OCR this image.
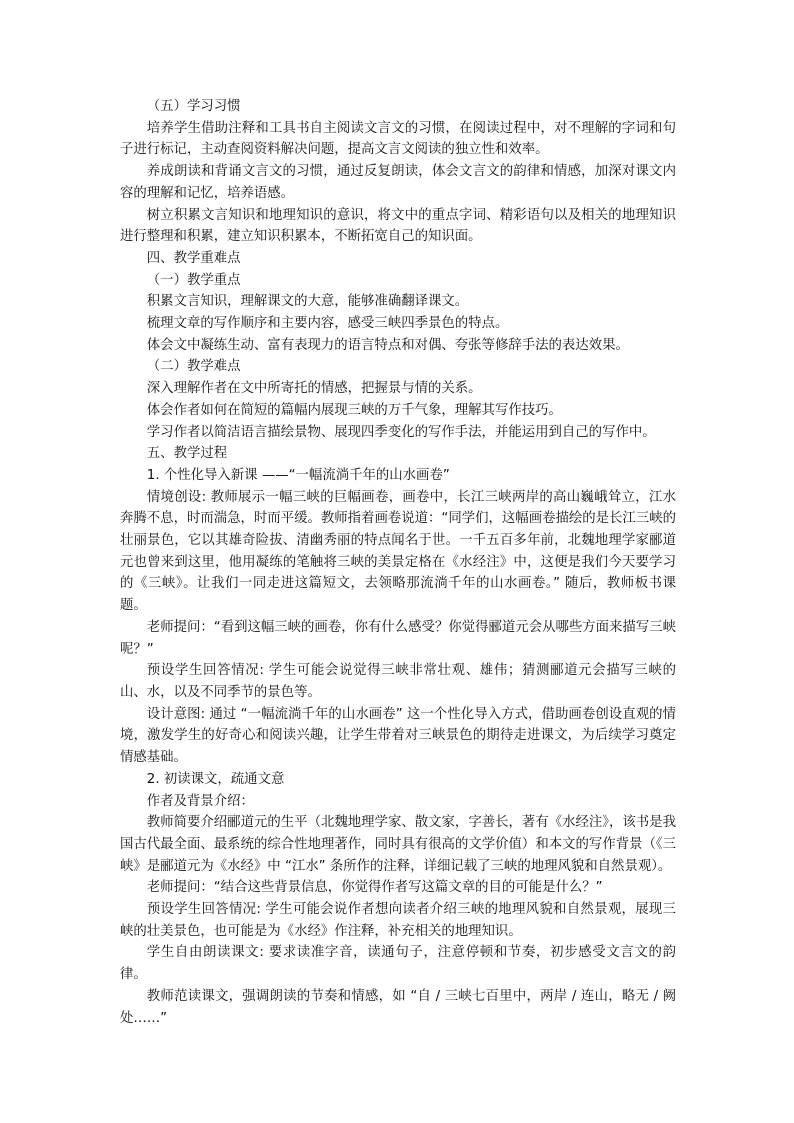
（五）学习习惯

培养学生借助注释和工具书自主阅读文言文的习惯，在阅读过程中，对不理解的字词和句子进行标记，主动查阅资料解决问题，提高文言文阅读的独立性和效率。

养成朗读和背诵文言文的习惯，通过反复朗读，体会文言文的韵律和情感，加深对课文内容的理解和记忆，培养语感。

树立积累文言知识和地理知识的意识，将文中的重点字词、精彩语句以及相关的地理知识进行整理和积累，建立知识积累本，不断拓宽自己的知识面。

四、教学重难点

（一）教学重点

积累文言知识，理解课文的大意，能够准确翻译课文。

梳理文章的写作顺序和主要内容，感受三峡四季景色的特点。

体会文中凝练生动、富有表现力的语言特点和对偶、夸张等修辞手法的表达效果。

（二）教学难点

深入理解作者在文中所寄托的情感，把握景与情的关系。

体会作者如何在简短的篇幅内展现三峡的万千气象，理解其写作技巧。

学习作者以简洁语言描绘景物、展现四季变化的写作手法，并能运用到自己的写作中。

五、教学过程

1. 个性化导入新课 ——“一幅流淌千年的山水画卷”

情境创设: 教师展示一幅三峡的巨幅画卷，画卷中，长江三峡两岸的高山巍峨耸立，江水奔腾不息，时而湍急，时而平缓。教师指着画卷说道：“同学们，这幅画卷描绘的是长江三峡的壮丽景色，它以其雄奇险拔、清幽秀丽的特点闻名于世。一千五百多年前，北魏地理学家郦道元也曾来到这里，他用凝练的笔触将三峡的美景定格在《水经注》中，这便是我们今天要学习的《三峡》。让我们一同走进这篇短文，去领略那流淌千年的山水画卷。” 随后，教师板书课题。

老师提问：“看到这幅三峡的画卷，你有什么感受？你觉得郦道元会从哪些方面来描写三峡呢？”

预设学生回答情况: 学生可能会说觉得三峡非常壮观、雄伟；猜测郦道元会描写三峡的山、水，以及不同季节的景色等。

设计意图: 通过 “一幅流淌千年的山水画卷” 这一个性化导入方式，借助画卷创设直观的情境，激发学生的好奇心和阅读兴趣，让学生带着对三峡景色的期待走进课文，为后续学习奠定情感基础。

2. 初读课文，疏通文意

作者及背景介绍：

教师简要介绍郦道元的生平（北魏地理学家、散文家，字善长，著有《水经注》，该书是我国古代最全面、最系统的综合性地理著作，同时具有很高的文学价值）和本文的写作背景（《三峡》是郦道元为《水经》中 “江水” 条所作的注释，详细记载了三峡的地理风貌和自然景观）。

老师提问：“结合这些背景信息，你觉得作者写这篇文章的目的可能是什么？”

预设学生回答情况: 学生可能会说作者想向读者介绍三峡的地理风貌和自然景观，展现三峡的壮美景色，也可能是为《水经》作注释，补充相关的地理知识。

学生自由朗读课文: 要求读准字音，读通句子，注意停顿和节奏，初步感受文言文的韵律。

教师范读课文，强调朗读的节奏和情感，如 “自 / 三峡七百里中，两岸 / 连山，略无 / 阙处……”
